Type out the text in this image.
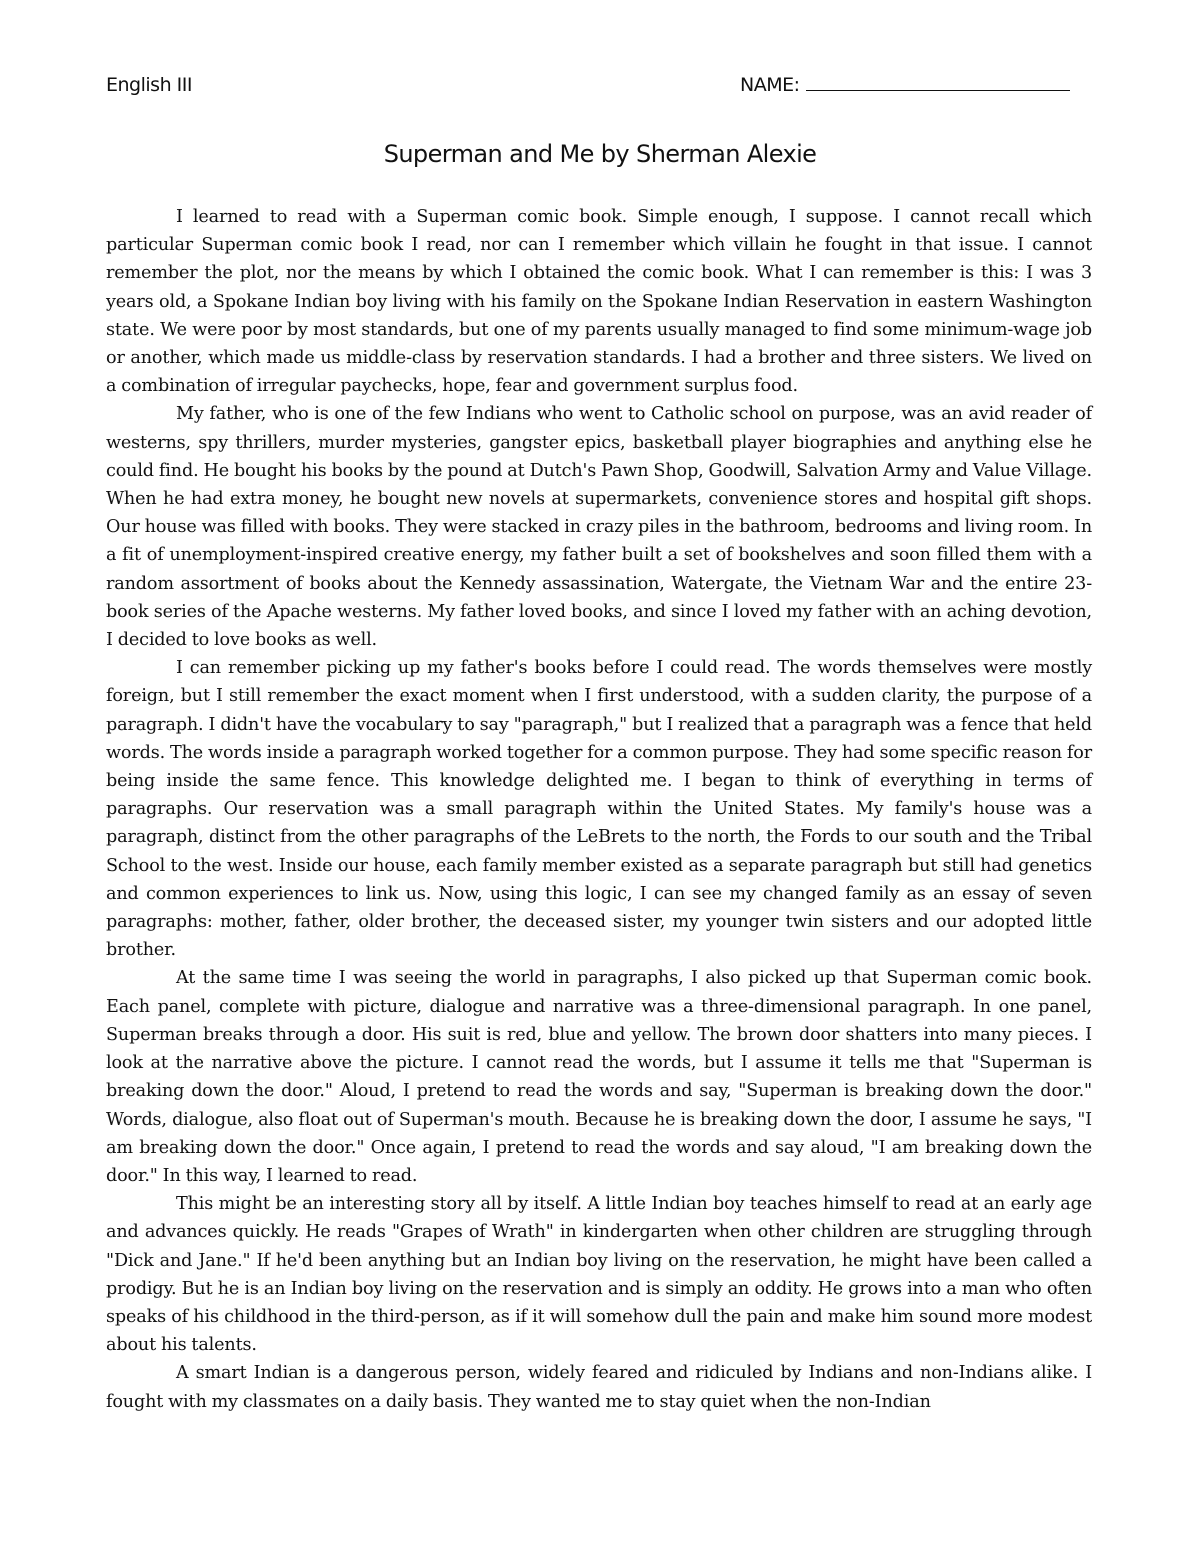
English III	NAME:
Superman and Me by Sherman Alexie

I learned to read with a Superman comic book. Simple enough, I suppose. I cannot recall which particular Superman comic book I read, nor can I remember which villain he fought in that issue. I cannot remember the plot, nor the means by which I obtained the comic book. What I can remember is this: I was 3 years old, a Spokane Indian boy living with his family on the Spokane Indian Reservation in eastern Washington state. We were poor by most standards, but one of my parents usually managed to find some minimum-wage job or another, which made us middle-class by reservation standards. I had a brother and three sisters. We lived on a combination of irregular paychecks, hope, fear and government surplus food.

My father, who is one of the few Indians who went to Catholic school on purpose, was an avid reader of westerns, spy thrillers, murder mysteries, gangster epics, basketball player biographies and anything else he could find. He bought his books by the pound at Dutch's Pawn Shop, Goodwill, Salvation Army and Value Village. When he had extra money, he bought new novels at supermarkets, convenience stores and hospital gift shops. Our house was filled with books. They were stacked in crazy piles in the bathroom, bedrooms and living room. In a fit of unemployment-inspired creative energy, my father built a set of bookshelves and soon filled them with a random assortment of books about the Kennedy assassination, Watergate, the Vietnam War and the entire 23-book series of the Apache westerns. My father loved books, and since I loved my father with an aching devotion, I decided to love books as well.

I can remember picking up my father's books before I could read. The words themselves were mostly foreign, but I still remember the exact moment when I first understood, with a sudden clarity, the purpose of a paragraph. I didn't have the vocabulary to say "paragraph," but I realized that a paragraph was a fence that held words. The words inside a paragraph worked together for a common purpose. They had some specific reason for being inside the same fence. This knowledge delighted me. I began to think of everything in terms of paragraphs. Our reservation was a small paragraph within the United States. My family's house was a paragraph, distinct from the other paragraphs of the LeBrets to the north, the Fords to our south and the Tribal School to the west. Inside our house, each family member existed as a separate paragraph but still had genetics and common experiences to link us. Now, using this logic, I can see my changed family as an essay of seven paragraphs: mother, father, older brother, the deceased sister, my younger twin sisters and our adopted little brother.

At the same time I was seeing the world in paragraphs, I also picked up that Superman comic book. Each panel, complete with picture, dialogue and narrative was a three-dimensional paragraph. In one panel, Superman breaks through a door. His suit is red, blue and yellow. The brown door shatters into many pieces. I look at the narrative above the picture. I cannot read the words, but I assume it tells me that "Superman is breaking down the door." Aloud, I pretend to read the words and say, "Superman is breaking down the door." Words, dialogue, also float out of Superman's mouth. Because he is breaking down the door, I assume he says, "I am breaking down the door." Once again, I pretend to read the words and say aloud, "I am breaking down the door." In this way, I learned to read.

This might be an interesting story all by itself. A little Indian boy teaches himself to read at an early age and advances quickly. He reads "Grapes of Wrath" in kindergarten when other children are struggling through "Dick and Jane." If he'd been anything but an Indian boy living on the reservation, he might have been called a prodigy. But he is an Indian boy living on the reservation and is simply an oddity. He grows into a man who often speaks of his childhood in the third-person, as if it will somehow dull the pain and make him sound more modest about his talents.

A smart Indian is a dangerous person, widely feared and ridiculed by Indians and non-Indians alike. I fought with my classmates on a daily basis. They wanted me to stay quiet when the non-Indian
